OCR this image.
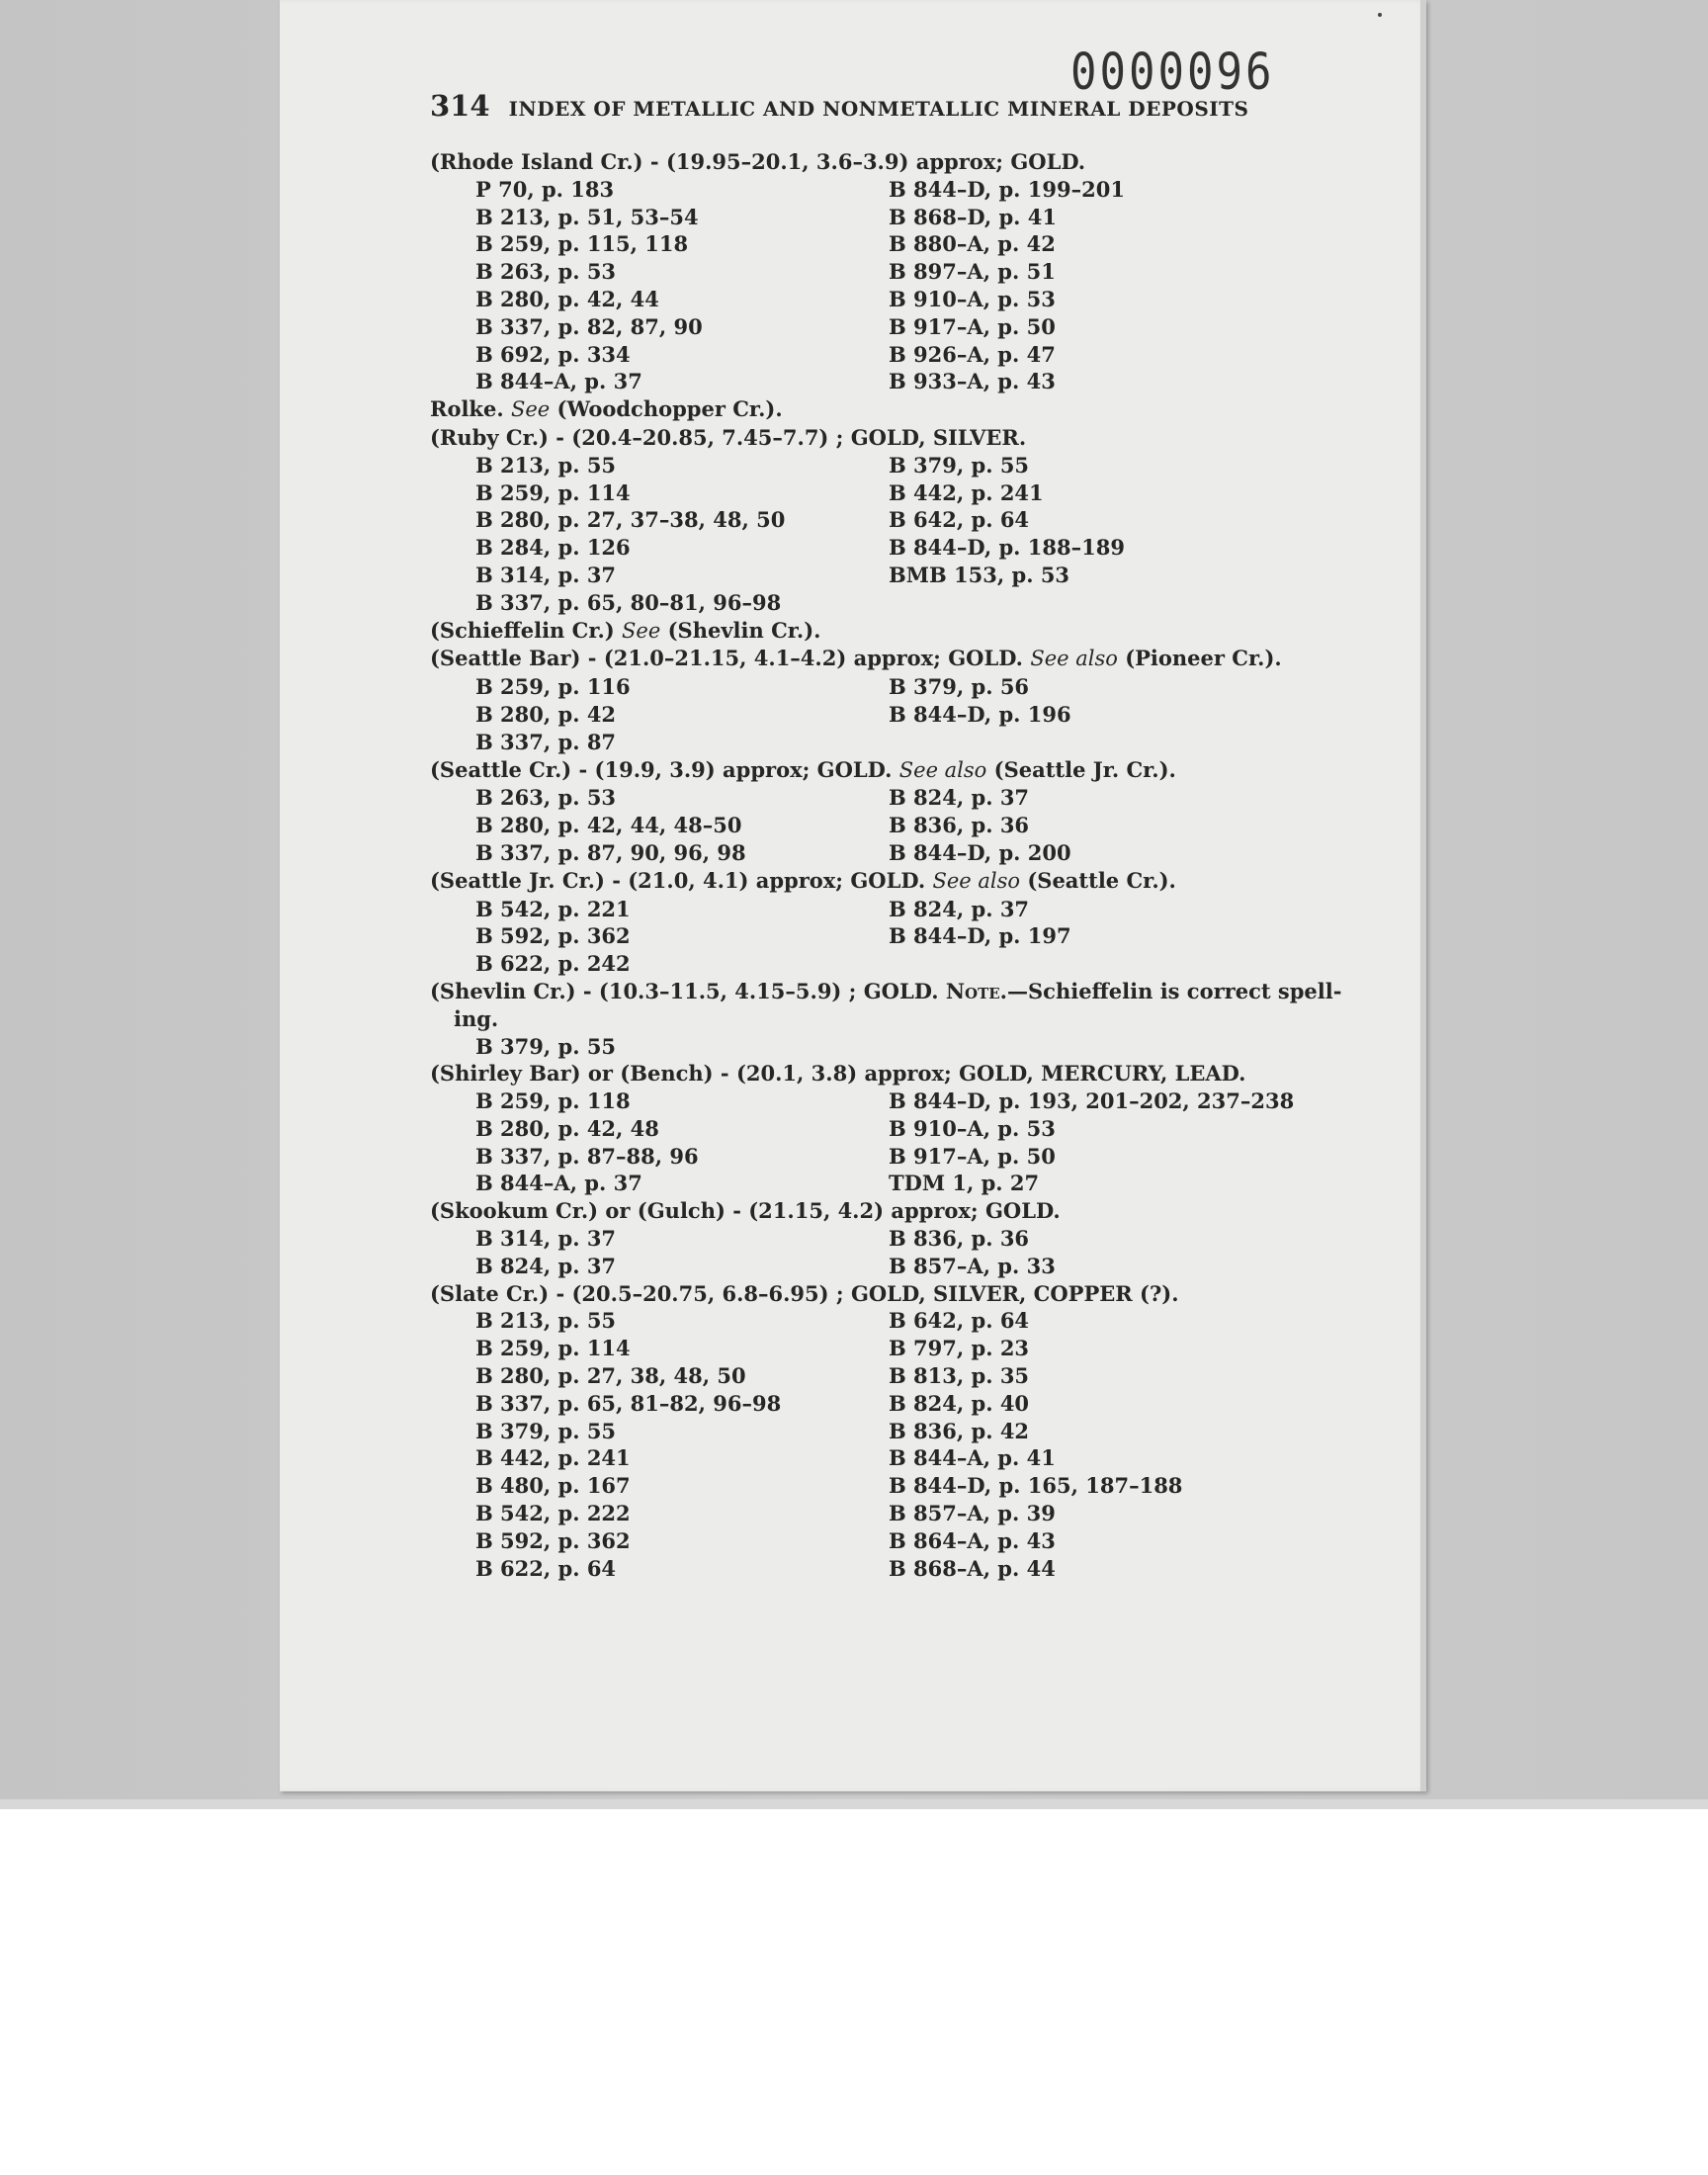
0000096
314 INDEX OF METALLIC AND NONMETALLIC MINERAL DEPOSITS
(Rhode Island Cr.) - (19.95–20.1, 3.6–3.9) approx; GOLD.
P 70, p. 183	B 844–D, p. 199–201
B 213, p. 51, 53–54	B 868–D, p. 41
B 259, p. 115, 118	B 880–A, p. 42
B 263, p. 53	B 897–A, p. 51
B 280, p. 42, 44	B 910–A, p. 53
B 337, p. 82, 87, 90	B 917–A, p. 50
B 692, p. 334	B 926–A, p. 47
B 844–A, p. 37	B 933–A, p. 43
Rolke. See (Woodchopper Cr.).
(Ruby Cr.) - (20.4–20.85, 7.45–7.7) ; GOLD, SILVER.
B 213, p. 55	B 379, p. 55
B 259, p. 114	B 442, p. 241
B 280, p. 27, 37–38, 48, 50	B 642, p. 64
B 284, p. 126	B 844–D, p. 188–189
B 314, p. 37	BMB 153, p. 53
B 337, p. 65, 80–81, 96–98
(Schieffelin Cr.) See (Shevlin Cr.).
(Seattle Bar) - (21.0–21.15, 4.1–4.2) approx; GOLD. See also (Pioneer Cr.).
B 259, p. 116	B 379, p. 56
B 280, p. 42	B 844–D, p. 196
B 337, p. 87
(Seattle Cr.) - (19.9, 3.9) approx; GOLD. See also (Seattle Jr. Cr.).
B 263, p. 53	B 824, p. 37
B 280, p. 42, 44, 48–50	B 836, p. 36
B 337, p. 87, 90, 96, 98	B 844–D, p. 200
(Seattle Jr. Cr.) - (21.0, 4.1) approx; GOLD. See also (Seattle Cr.).
B 542, p. 221	B 824, p. 37
B 592, p. 362	B 844–D, p. 197
B 622, p. 242
(Shevlin Cr.) - (10.3–11.5, 4.15–5.9) ; GOLD. Note.—Schieffelin is correct spell-
ing.
B 379, p. 55
(Shirley Bar) or (Bench) - (20.1, 3.8) approx; GOLD, MERCURY, LEAD.
B 259, p. 118	B 844–D, p. 193, 201–202, 237–238
B 280, p. 42, 48	B 910–A, p. 53
B 337, p. 87–88, 96	B 917–A, p. 50
B 844–A, p. 37	TDM 1, p. 27
(Skookum Cr.) or (Gulch) - (21.15, 4.2) approx; GOLD.
B 314, p. 37	B 836, p. 36
B 824, p. 37	B 857–A, p. 33
(Slate Cr.) - (20.5–20.75, 6.8–6.95) ; GOLD, SILVER, COPPER (?).
B 213, p. 55	B 642, p. 64
B 259, p. 114	B 797, p. 23
B 280, p. 27, 38, 48, 50	B 813, p. 35
B 337, p. 65, 81–82, 96–98	B 824, p. 40
B 379, p. 55	B 836, p. 42
B 442, p. 241	B 844–A, p. 41
B 480, p. 167	B 844–D, p. 165, 187–188
B 542, p. 222	B 857–A, p. 39
B 592, p. 362	B 864–A, p. 43
B 622, p. 64	B 868–A, p. 44
